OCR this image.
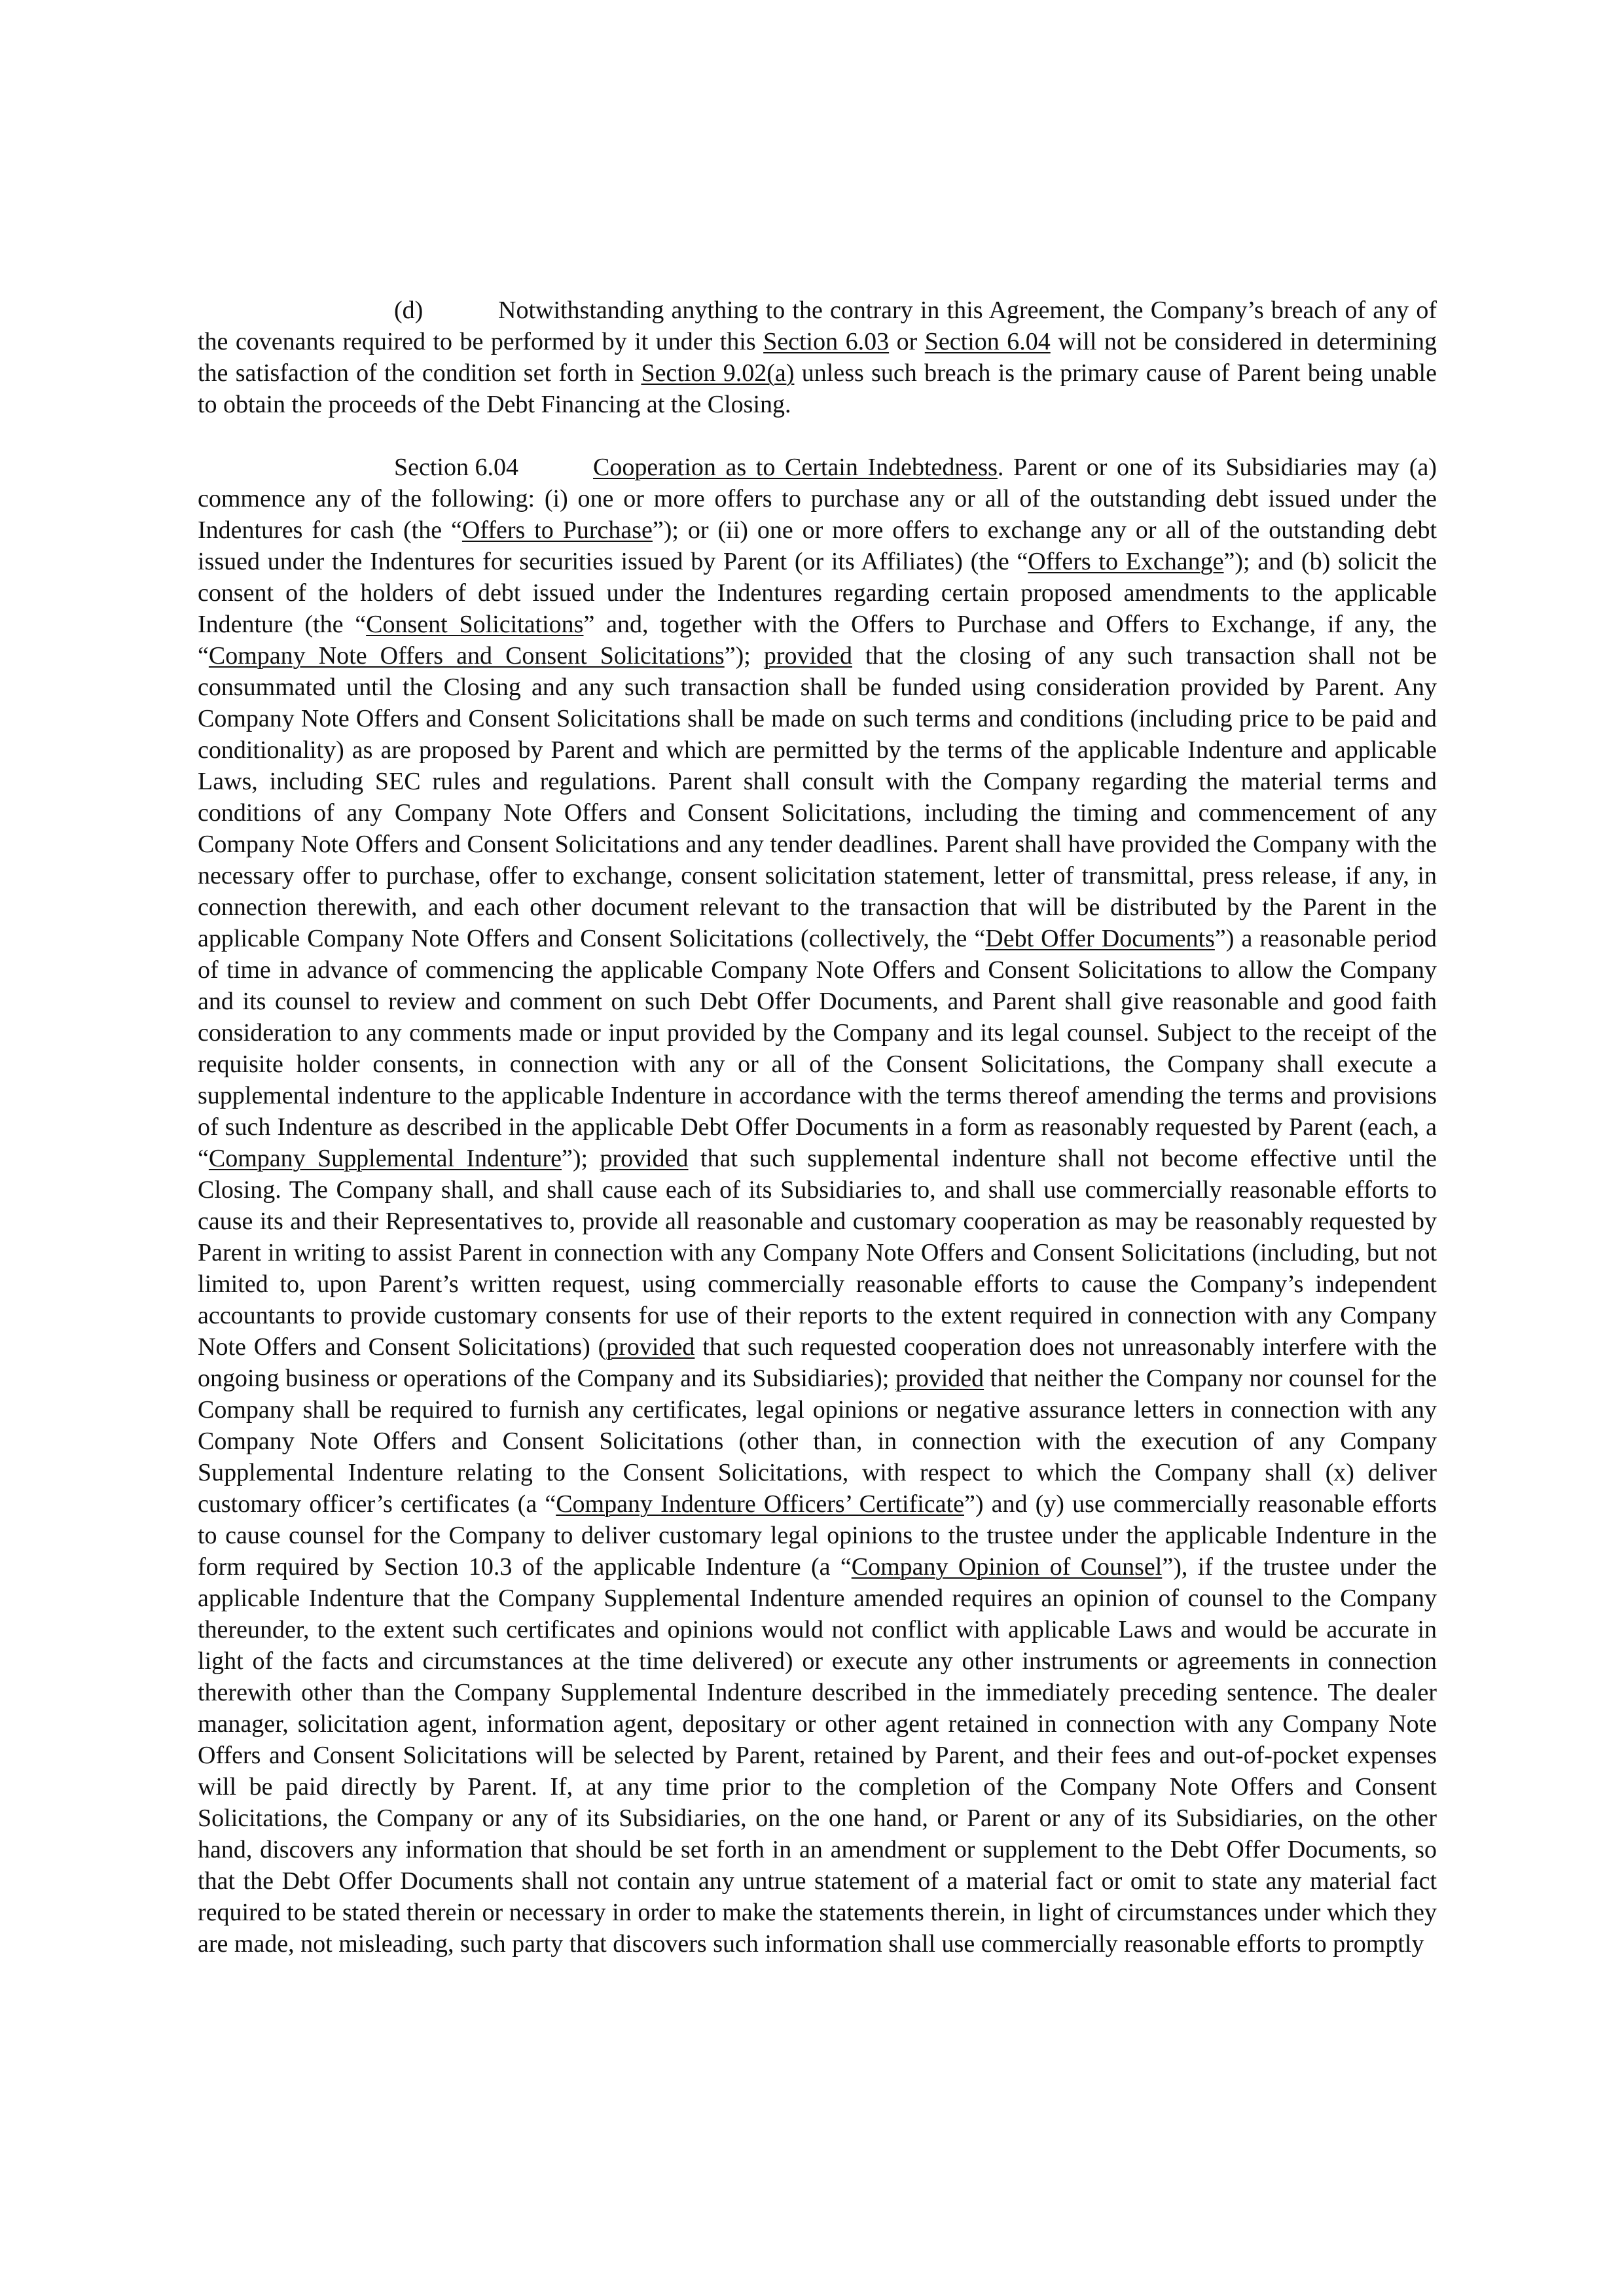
(d)	Notwithstanding anything to the contrary in this Agreement, the Company’s breach of any of the covenants required to be performed by it under this Section 6.03 or Section 6.04 will not be considered in determining the satisfaction of the condition set forth in Section 9.02(a) unless such breach is the primary cause of Parent being unable to obtain the proceeds of the Debt Financing at the Closing.

Section 6.04	Cooperation as to Certain Indebtedness. Parent or one of its Subsidiaries may (a) commence any of the following: (i) one or more offers to purchase any or all of the outstanding debt issued under the Indentures for cash (the “Offers to Purchase”); or (ii) one or more offers to exchange any or all of the outstanding debt issued under the Indentures for securities issued by Parent (or its Affiliates) (the “Offers to Exchange”); and (b) solicit the consent of the holders of debt issued under the Indentures regarding certain proposed amendments to the applicable Indenture (the “Consent Solicitations” and, together with the Offers to Purchase and Offers to Exchange, if any, the “Company Note Offers and Consent Solicitations”); provided that the closing of any such transaction shall not be consummated until the Closing and any such transaction shall be funded using consideration provided by Parent. Any Company Note Offers and Consent Solicitations shall be made on such terms and conditions (including price to be paid and conditionality) as are proposed by Parent and which are permitted by the terms of the applicable Indenture and applicable Laws, including SEC rules and regulations. Parent shall consult with the Company regarding the material terms and conditions of any Company Note Offers and Consent Solicitations, including the timing and commencement of any Company Note Offers and Consent Solicitations and any tender deadlines. Parent shall have provided the Company with the necessary offer to purchase, offer to exchange, consent solicitation statement, letter of transmittal, press release, if any, in connection therewith, and each other document relevant to the transaction that will be distributed by the Parent in the applicable Company Note Offers and Consent Solicitations (collectively, the “Debt Offer Documents”) a reasonable period of time in advance of commencing the applicable Company Note Offers and Consent Solicitations to allow the Company and its counsel to review and comment on such Debt Offer Documents, and Parent shall give reasonable and good faith consideration to any comments made or input provided by the Company and its legal counsel. Subject to the receipt of the requisite holder consents, in connection with any or all of the Consent Solicitations, the Company shall execute a supplemental indenture to the applicable Indenture in accordance with the terms thereof amending the terms and provisions of such Indenture as described in the applicable Debt Offer Documents in a form as reasonably requested by Parent (each, a “Company Supplemental Indenture”); provided that such supplemental indenture shall not become effective until the Closing. The Company shall, and shall cause each of its Subsidiaries to, and shall use commercially reasonable efforts to cause its and their Representatives to, provide all reasonable and customary cooperation as may be reasonably requested by Parent in writing to assist Parent in connection with any Company Note Offers and Consent Solicitations (including, but not limited to, upon Parent’s written request, using commercially reasonable efforts to cause the Company’s independent accountants to provide customary consents for use of their reports to the extent required in connection with any Company Note Offers and Consent Solicitations) (provided that such requested cooperation does not unreasonably interfere with the ongoing business or operations of the Company and its Subsidiaries); provided that neither the Company nor counsel for the Company shall be required to furnish any certificates, legal opinions or negative assurance letters in connection with any Company Note Offers and Consent Solicitations (other than, in connection with the execution of any Company Supplemental Indenture relating to the Consent Solicitations, with respect to which the Company shall (x) deliver customary officer’s certificates (a “Company Indenture Officers’ Certificate”) and (y) use commercially reasonable efforts to cause counsel for the Company to deliver customary legal opinions to the trustee under the applicable Indenture in the form required by Section 10.3 of the applicable Indenture (a “Company Opinion of Counsel”), if the trustee under the applicable Indenture that the Company Supplemental Indenture amended requires an opinion of counsel to the Company thereunder, to the extent such certificates and opinions would not conflict with applicable Laws and would be accurate in light of the facts and circumstances at the time delivered) or execute any other instruments or agreements in connection therewith other than the Company Supplemental Indenture described in the immediately preceding sentence. The dealer manager, solicitation agent, information agent, depositary or other agent retained in connection with any Company Note Offers and Consent Solicitations will be selected by Parent, retained by Parent, and their fees and out-of-pocket expenses will be paid directly by Parent. If, at any time prior to the completion of the Company Note Offers and Consent Solicitations, the Company or any of its Subsidiaries, on the one hand, or Parent or any of its Subsidiaries, on the other hand, discovers any information that should be set forth in an amendment or supplement to the Debt Offer Documents, so that the Debt Offer Documents shall not contain any untrue statement of a material fact or omit to state any material fact required to be stated therein or necessary in order to make the statements therein, in light of circumstances under which they are made, not misleading, such party that discovers such information shall use commercially reasonable efforts to promptly
